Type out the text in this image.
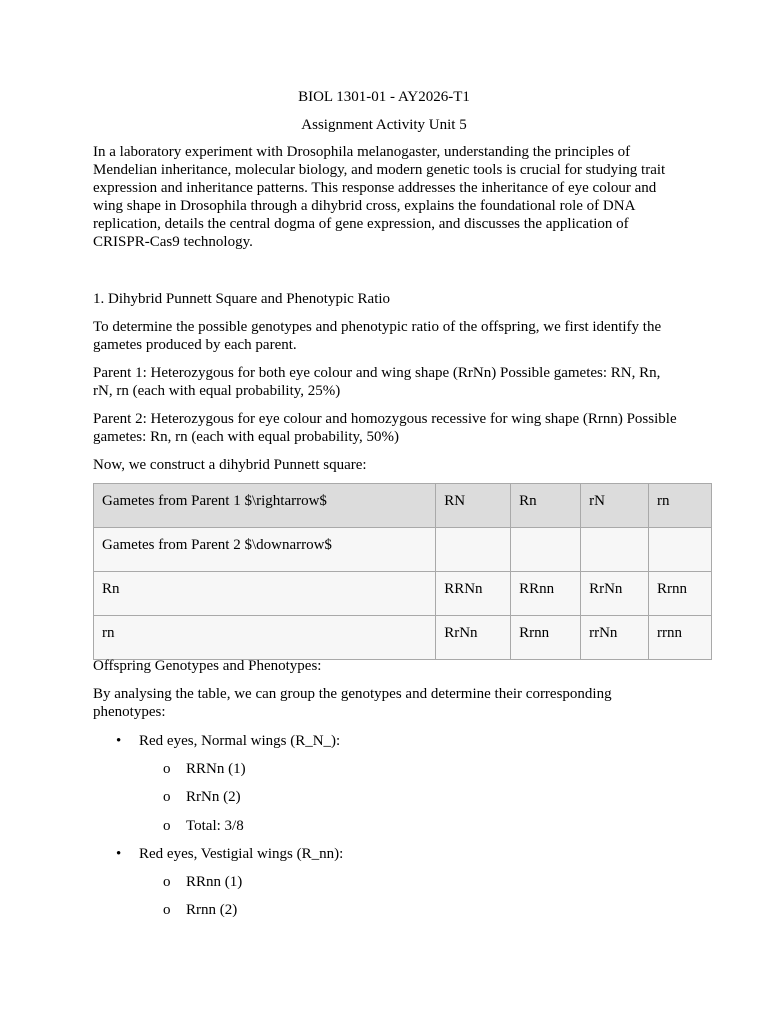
BIOL 1301-01 - AY2026-T1

Assignment Activity Unit 5

In a laboratory experiment with Drosophila melanogaster, understanding the principles of Mendelian inheritance, molecular biology, and modern genetic tools is crucial for studying trait expression and inheritance patterns. This response addresses the inheritance of eye colour and wing shape in Drosophila through a dihybrid cross, explains the foundational role of DNA replication, details the central dogma of gene expression, and discusses the application of CRISPR-Cas9 technology.

1. Dihybrid Punnett Square and Phenotypic Ratio

To determine the possible genotypes and phenotypic ratio of the offspring, we first identify the gametes produced by each parent.

Parent 1: Heterozygous for both eye colour and wing shape (RrNn) Possible gametes: RN, Rn, rN, rn (each with equal probability, 25%)

Parent 2: Heterozygous for eye colour and homozygous recessive for wing shape (Rrnn) Possible gametes: Rn, rn (each with equal probability, 50%)

Now, we construct a dihybrid Punnett square:

Gametes from Parent 1 $\rightarrow$	RN	Rn	rN	rn
Gametes from Parent 2 $\downarrow$				
Rn	RRNn	RRnn	RrNn	Rrnn
rn	RrNn	Rrnn	rrNn	rrnn

Offspring Genotypes and Phenotypes:

By analysing the table, we can group the genotypes and determine their corresponding phenotypes:

• Red eyes, Normal wings (R_N_):
o RRNn (1)
o RrNn (2)
o Total: 3/8
• Red eyes, Vestigial wings (R_nn):
o RRnn (1)
o Rrnn (2)
